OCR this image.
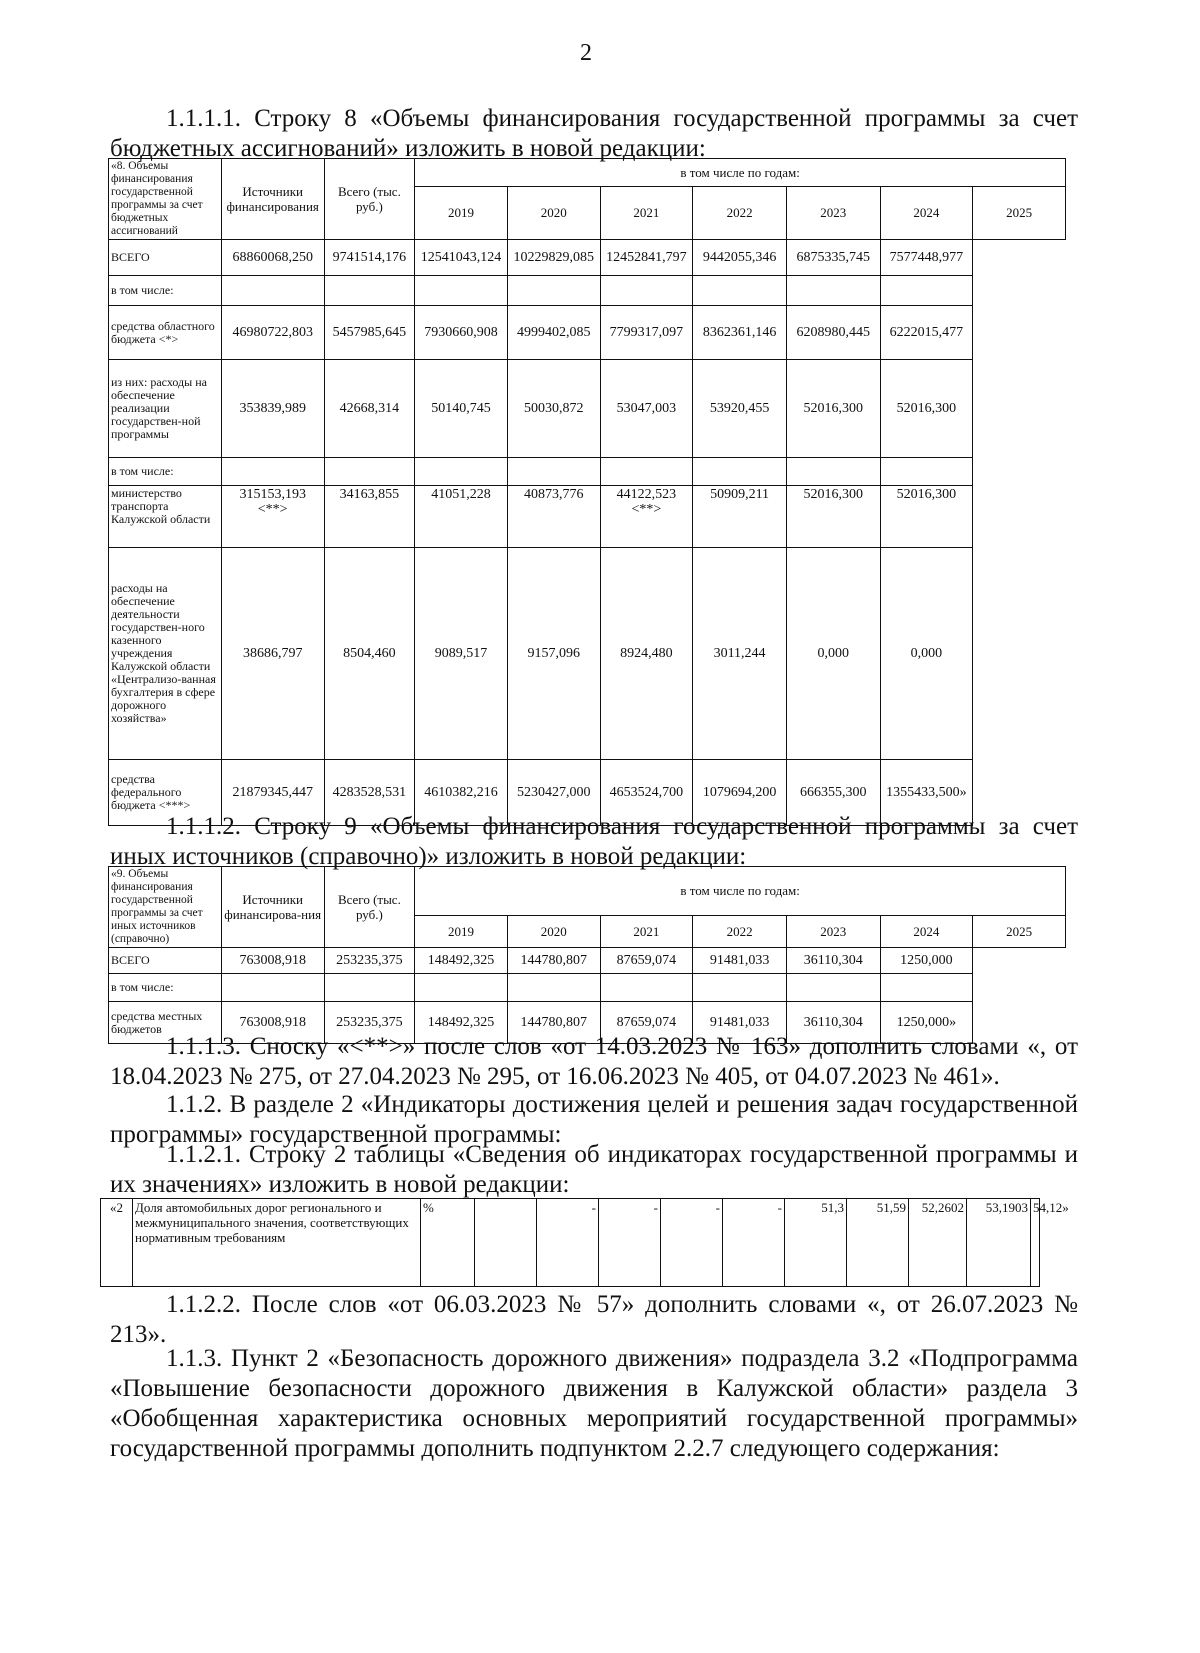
2
1.1.1.1. Строку 8 «Объемы финансирования государственной программы за счет бюджетных ассигнований» изложить в новой редакции:
«8. Объемы финансирования государственной программы за счет бюджетных ассигнований	Источники финансирования	Всего (тыс. руб.)	в том числе по годам:						
			2019	2020	2021	2022	2023	2024	2025
ВСЕГО	68860068,250	9741514,176	12541043,124	10229829,085	12452841,797	9442055,346	6875335,745	7577448,977	
в том числе:									
средства областного бюджета <*>	46980722,803	5457985,645	7930660,908	4999402,085	7799317,097	8362361,146	6208980,445	6222015,477	
из них: расходы на обеспечение реализации государствен-ной программы	353839,989	42668,314	50140,745	50030,872	53047,003	53920,455	52016,300	52016,300	
в том числе:									
министерство транспорта Калужской области	315153,193 <**>	34163,855	41051,228	40873,776	44122,523 <**>	50909,211	52016,300	52016,300	
расходы на обеспечение деятельности государствен-ного казенного учреждения Калужской области «Централизо-ванная бухгалтерия в сфере дорожного хозяйства»	38686,797	8504,460	9089,517	9157,096	8924,480	3011,244	0,000	0,000	
средства федерального бюджета <***>	21879345,447	4283528,531	4610382,216	5230427,000	4653524,700	1079694,200	666355,300	1355433,500»	
1.1.1.2. Строку 9 «Объемы финансирования государственной программы за счет иных источников (справочно)» изложить в новой редакции:
«9. Объемы финансирования государственной программы за счет иных источников (справочно)	Источники финансирова-ния	Всего (тыс. руб.)	в том числе по годам:						
			2019	2020	2021	2022	2023	2024	2025
ВСЕГО	763008,918	253235,375	148492,325	144780,807	87659,074	91481,033	36110,304	1250,000	
в том числе:									
средства местных бюджетов	763008,918	253235,375	148492,325	144780,807	87659,074	91481,033	36110,304	1250,000»	
1.1.1.3. Сноску «<**>» после слов «от 14.03.2023 № 163» дополнить словами «, от 18.04.2023 № 275, от 27.04.2023 № 295, от 16.06.2023 № 405, от 04.07.2023 № 461».
1.1.2. В разделе 2 «Индикаторы достижения целей и решения задач государственной программы» государственной программы:
1.1.2.1. Строку 2 таблицы «Сведения об индикаторах государственной программы и их значениях» изложить в новой редакции:
«2	Доля автомобильных дорог регионального и межмуниципального значения, соответствующих нормативным требованиям	%		-	-	-	-	51,3	51,59	52,2602	53,1903	54,12»
1.1.2.2. После слов «от 06.03.2023 № 57» дополнить словами «, от 26.07.2023 № 213».
1.1.3. Пункт 2 «Безопасность дорожного движения» подраздела 3.2 «Подпрограмма «Повышение безопасности дорожного движения в Калужской области» раздела 3 «Обобщенная характеристика основных мероприятий государственной программы» государственной программы дополнить подпунктом 2.2.7 следующего содержания:
